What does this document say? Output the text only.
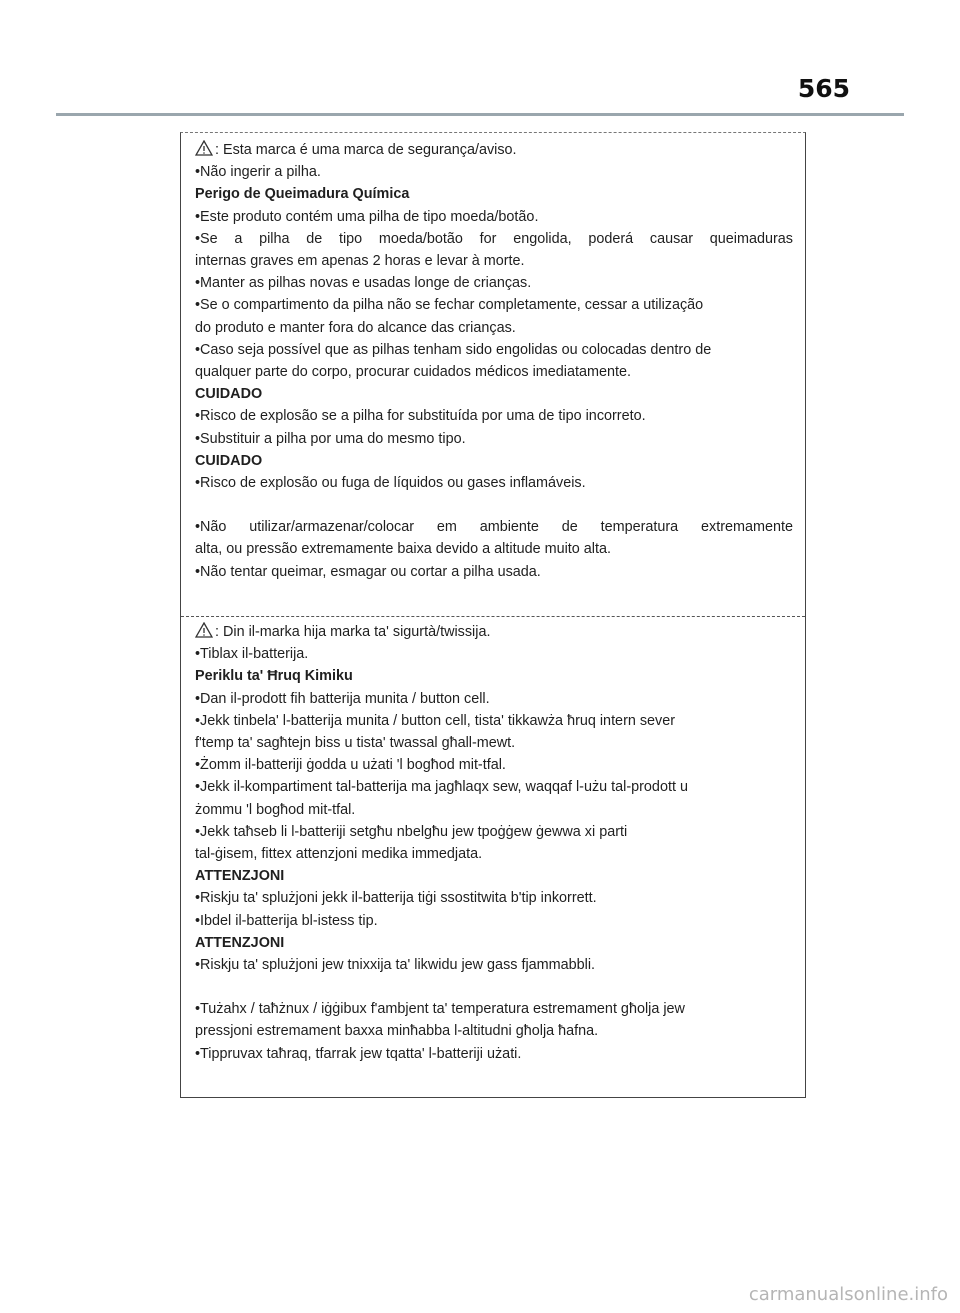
565
: Esta marca é uma marca de segurança/aviso.
•Não ingerir a pilha.
Perigo de Queimadura Química
•Este produto contém uma pilha de tipo moeda/botão.
•Se a pilha de tipo moeda/botão for engolida, poderá causar queimaduras
internas graves em apenas 2 horas e levar à morte.
•Manter as pilhas novas e usadas longe de crianças.
•Se o compartimento da pilha não se fechar completamente, cessar a utilização
do produto e manter fora do alcance das crianças.
•Caso seja possível que as pilhas tenham sido engolidas ou colocadas dentro de
qualquer parte do corpo, procurar cuidados médicos imediatamente.
CUIDADO
•Risco de explosão se a pilha for substituída por uma de tipo incorreto.
•Substituir a pilha por uma do mesmo tipo.
CUIDADO
•Risco de explosão ou fuga de líquidos ou gases inflamáveis.
•Não utilizar/armazenar/colocar em ambiente de temperatura extremamente
alta, ou pressão extremamente baixa devido a altitude muito alta.
•Não tentar queimar, esmagar ou cortar a pilha usada.
: Din il-marka hija marka ta' sigurtà/twissija.
•Tiblax il-batterija.
Periklu ta' Ħruq Kimiku
•Dan il-prodott fih batterija munita / button cell.
•Jekk tinbela' l-batterija munita / button cell, tista' tikkawża ħruq intern sever
f'temp ta' sagħtejn biss u tista' twassal għall-mewt.
•Żomm il-batteriji ġodda u użati 'l bogħod mit-tfal.
•Jekk il-kompartiment tal-batterija ma jagħlaqx sew, waqqaf l-użu tal-prodott u
żommu 'l bogħod mit-tfal.
•Jekk taħseb li l-batteriji setgħu nbelgħu jew tpoġġew ġewwa xi parti
tal-ġisem, fittex attenzjoni medika immedjata.
ATTENZJONI
•Riskju ta' splużjoni jekk il-batterija tiġi ssostitwita b'tip inkorrett.
•Ibdel il-batterija bl-istess tip.
ATTENZJONI
•Riskju ta' splużjoni jew tnixxija ta' likwidu jew gass fjammabbli.
•Tużahx / taħżnux / iġġibux f'ambjent ta' temperatura estremament għolja jew
pressjoni estremament baxxa minħabba l-altitudni għolja ħafna.
•Tippruvax taħraq, tfarrak jew tqatta' l-batteriji użati.
carmanualsonline.info
